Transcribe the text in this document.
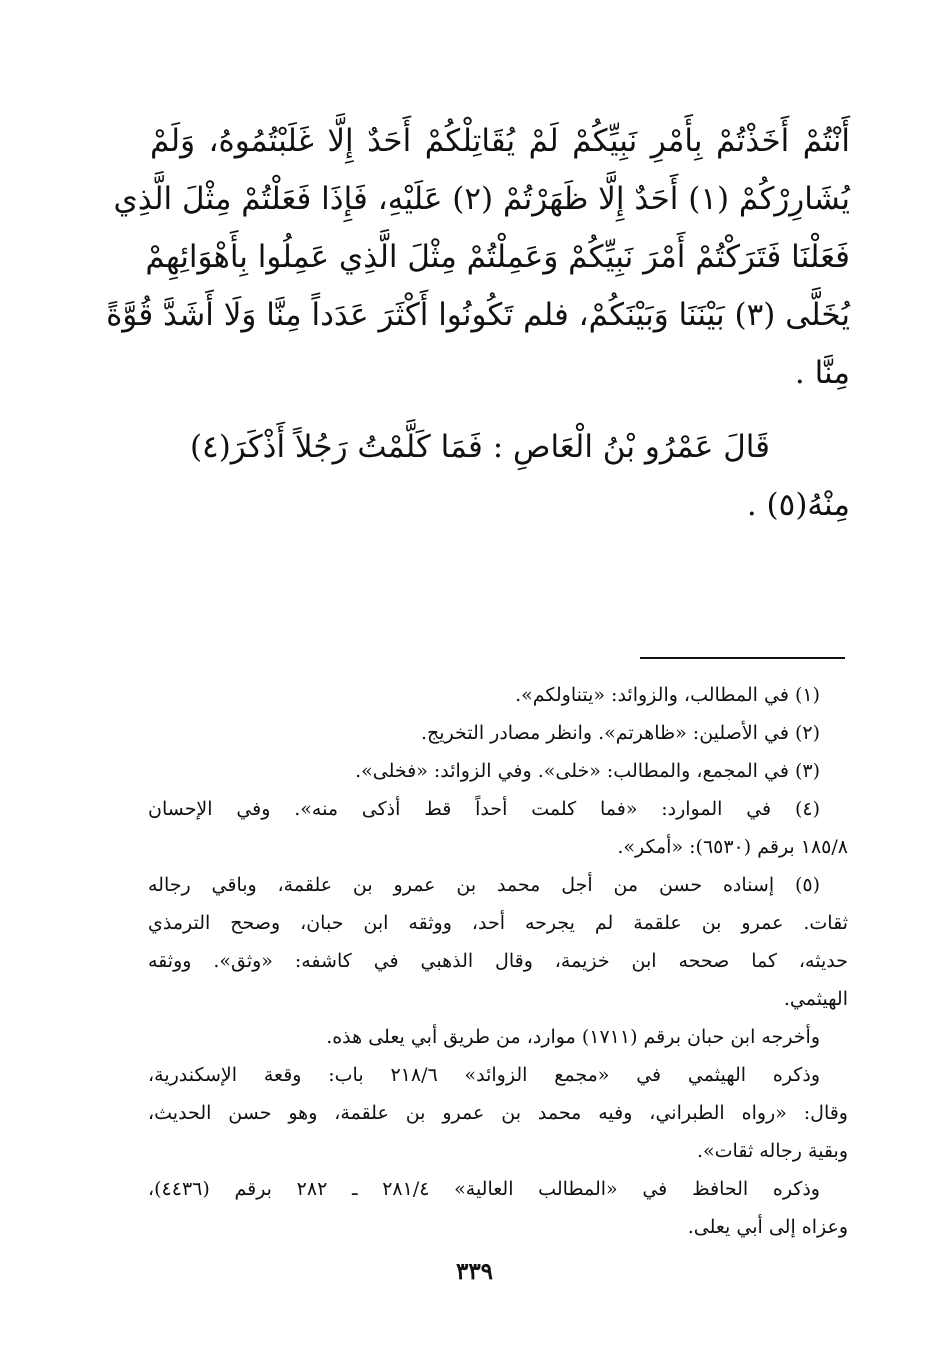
أَنْتُمْ أَخَذْتُمْ بِأَمْرِ نَبِيِّكُمْ لَمْ يُقَاتِلْكُمْ أَحَدٌ إِلَّا غَلَبْتُمُوهُ، وَلَمْ
يُشَارِرْكُمْ (١) أَحَدٌ إِلَّا ظَهَرْتُمْ (٢) عَلَيْهِ، فَإِذَا فَعَلْتُمْ مِثْلَ الَّذِي
فَعَلْنَا فَتَرَكْتُمْ أَمْرَ نَبِيِّكُمْ وَعَمِلْتُمْ مِثْلَ الَّذِي عَمِلُوا بِأَهْوَائِهِمْ
يُخَلَّى (٣) بَيْنَنَا وَبَيْنَكُمْ، فلم تَكُونُوا أَكْثَرَ عَدَداً مِنَّا وَلَا أَشَدَّ قُوَّةً
مِنَّا .
قَالَ عَمْرُو بْنُ الْعَاصِ : فَمَا كَلَّمْتُ رَجُلاً أَذْكَرَ(٤)
مِنْهُ(٥) .
(١) في المطالب، والزوائد: «يتناولكم».
(٢) في الأصلين: «ظاهرتم». وانظر مصادر التخريج.
(٣) في المجمع، والمطالب: «خلى». وفي الزوائد: «فخلى».
(٤) في الموارد: «فما كلمت أحداً قط أذكى منه». وفي الإحسان
١٨٥/٨ برقم (٦٥٣٠): «أمكر».
(٥) إسناده حسن من أجل محمد بن عمرو بن علقمة، وباقي رجاله
ثقات. عمرو بن علقمة لم يجرحه أحد، ووثقه ابن حبان، وصحح الترمذي
حديثه، كما صححه ابن خزيمة، وقال الذهبي في كاشفه: «وثق». ووثقه
الهيثمي.
وأخرجه ابن حبان برقم (١٧١١) موارد، من طريق أبي يعلى هذه.
وذكره الهيثمي في «مجمع الزوائد» ٢١٨/٦ باب: وقعة الإسكندرية،
وقال: «رواه الطبراني، وفيه محمد بن عمرو بن علقمة، وهو حسن الحديث،
وبقية رجاله ثقات».
وذكره الحافظ في «المطالب العالية» ٢٨١/٤ ـ ٢٨٢ برقم (٤٤٣٦)،
وعزاه إلى أبي يعلى.
٣٣٩
